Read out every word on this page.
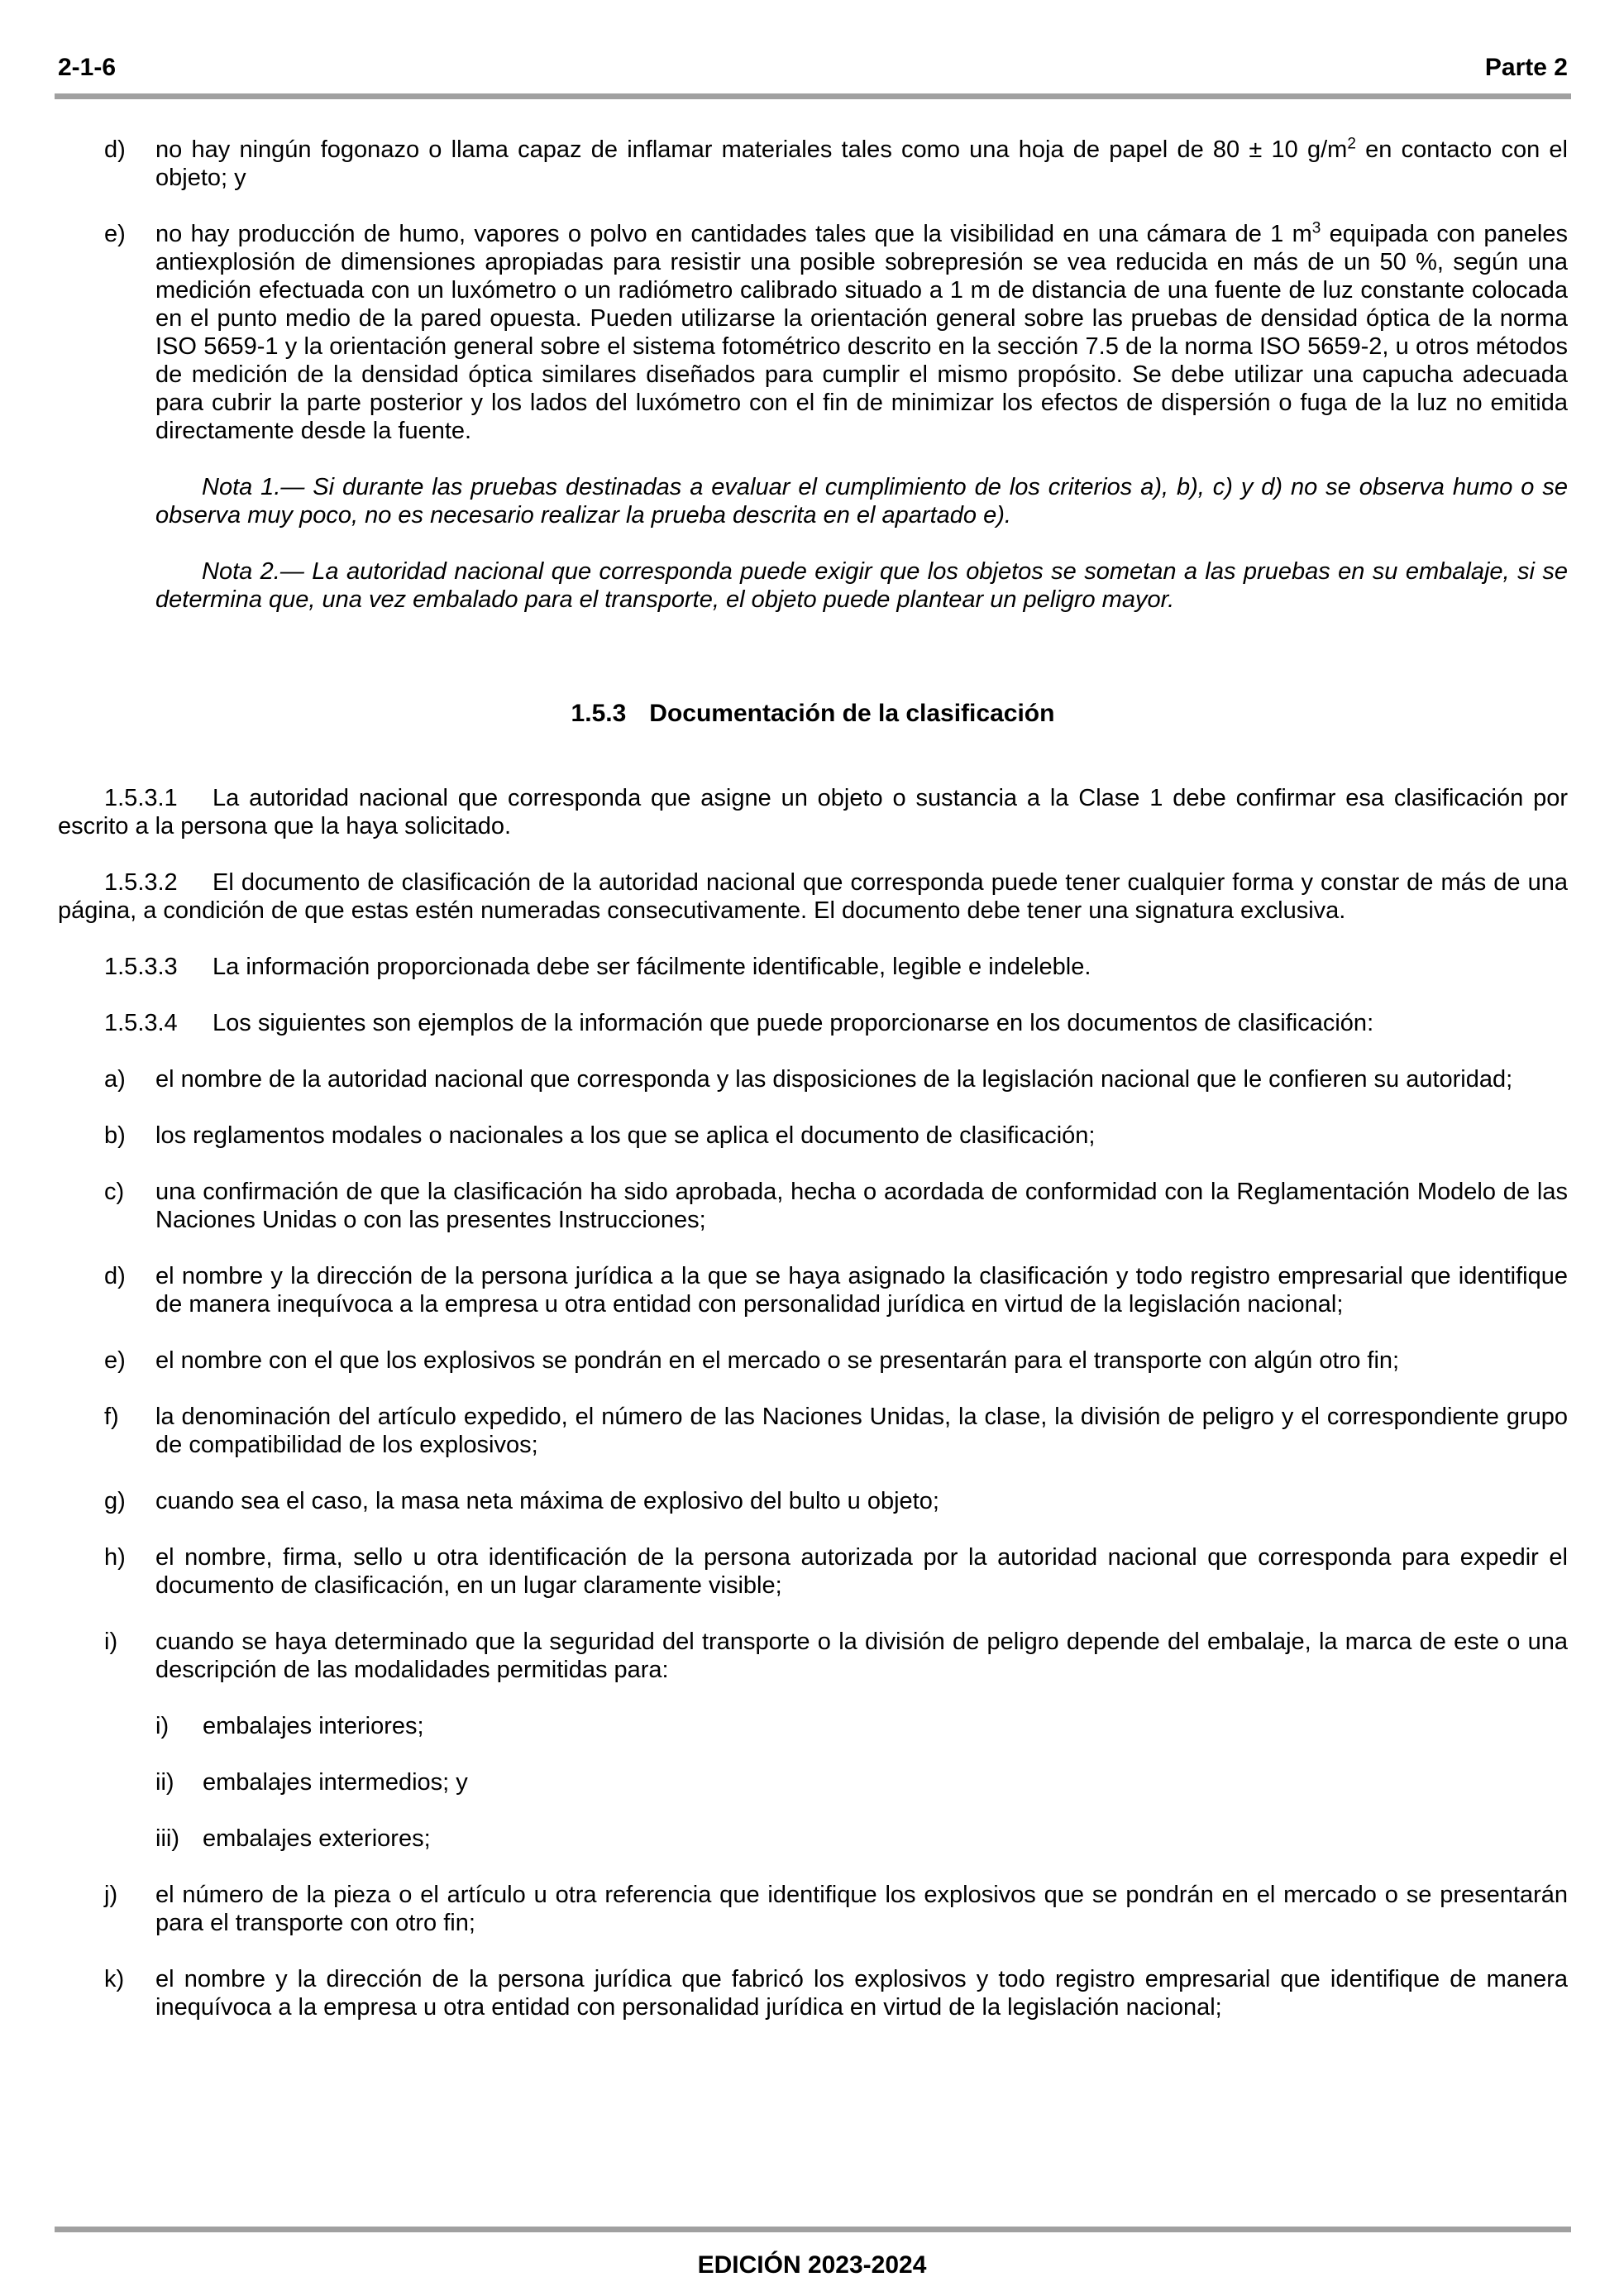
2-1-6	Parte 2
d)	no hay ningún fogonazo o llama capaz de inflamar materiales tales como una hoja de papel de 80 ± 10 $g/m^2$ en contacto con el objeto; y
e)	no hay producción de humo, vapores o polvo en cantidades tales que la visibilidad en una cámara de 1 $m^3$ equipada con paneles antiexplosión de dimensiones apropiadas para resistir una posible sobrepresión se vea reducida en más de un 50 %, según una medición efectuada con un luxómetro o un radiómetro calibrado situado a 1 m de distancia de una fuente de luz constante colocada en el punto medio de la pared opuesta. Pueden utilizarse la orientación general sobre las pruebas de densidad óptica de la norma ISO 5659-1 y la orientación general sobre el sistema fotométrico descrito en la sección 7.5 de la norma ISO 5659-2, u otros métodos de medición de la densidad óptica similares diseñados para cumplir el mismo propósito. Se debe utilizar una capucha adecuada para cubrir la parte posterior y los lados del luxómetro con el fin de minimizar los efectos de dispersión o fuga de la luz no emitida directamente desde la fuente.

Nota 1.— Si durante las pruebas destinadas a evaluar el cumplimiento de los criterios a), b), c) y d) no se observa humo o se observa muy poco, no es necesario realizar la prueba descrita en el apartado e).

Nota 2.— La autoridad nacional que corresponda puede exigir que los objetos se sometan a las pruebas en su embalaje, si se determina que, una vez embalado para el transporte, el objeto puede plantear un peligro mayor.

1.5.3 Documentación de la clasificación

1.5.3.1 La autoridad nacional que corresponda que asigne un objeto o sustancia a la Clase 1 debe confirmar esa clasificación por escrito a la persona que la haya solicitado.

1.5.3.2 El documento de clasificación de la autoridad nacional que corresponda puede tener cualquier forma y constar de más de una página, a condición de que estas estén numeradas consecutivamente. El documento debe tener una signatura exclusiva.

1.5.3.3 La información proporcionada debe ser fácilmente identificable, legible e indeleble.

1.5.3.4 Los siguientes son ejemplos de la información que puede proporcionarse en los documentos de clasificación:

a)	el nombre de la autoridad nacional que corresponda y las disposiciones de la legislación nacional que le confieren su autoridad;
b)	los reglamentos modales o nacionales a los que se aplica el documento de clasificación;
c)	una confirmación de que la clasificación ha sido aprobada, hecha o acordada de conformidad con la Reglamentación Modelo de las Naciones Unidas o con las presentes Instrucciones;
d)	el nombre y la dirección de la persona jurídica a la que se haya asignado la clasificación y todo registro empresarial que identifique de manera inequívoca a la empresa u otra entidad con personalidad jurídica en virtud de la legislación nacional;
e)	el nombre con el que los explosivos se pondrán en el mercado o se presentarán para el transporte con algún otro fin;
f)	la denominación del artículo expedido, el número de las Naciones Unidas, la clase, la división de peligro y el correspondiente grupo de compatibilidad de los explosivos;
g)	cuando sea el caso, la masa neta máxima de explosivo del bulto u objeto;
h)	el nombre, firma, sello u otra identificación de la persona autorizada por la autoridad nacional que corresponda para expedir el documento de clasificación, en un lugar claramente visible;
i)	cuando se haya determinado que la seguridad del transporte o la división de peligro depende del embalaje, la marca de este o una descripción de las modalidades permitidas para:
i)	embalajes interiores;
ii)	embalajes intermedios; y
iii) embalajes exteriores;
j)	el número de la pieza o el artículo u otra referencia que identifique los explosivos que se pondrán en el mercado o se presentarán para el transporte con otro fin;
k)	el nombre y la dirección de la persona jurídica que fabricó los explosivos y todo registro empresarial que identifique de manera inequívoca a la empresa u otra entidad con personalidad jurídica en virtud de la legislación nacional;
EDICIÓN 2023-2024
